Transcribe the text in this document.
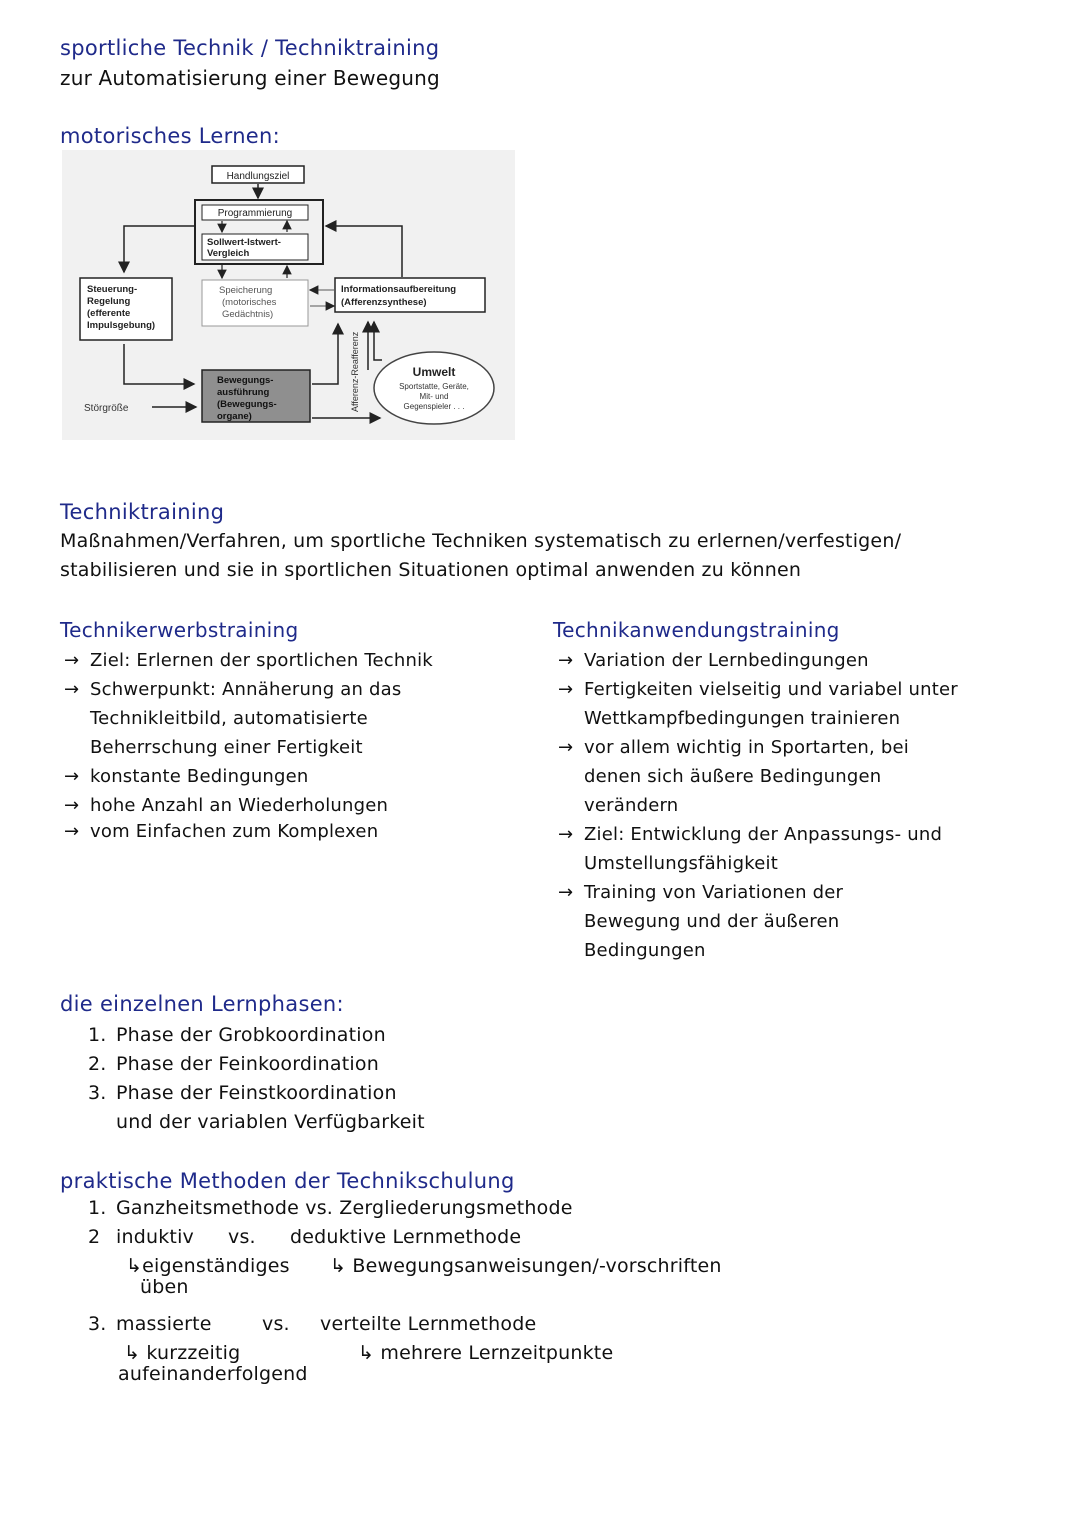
sportliche Technik / Techniktraining
zur Automatisierung einer Bewegung
motorisches Lernen:
Handlungsziel
Programmierung
Sollwert-Istwert-
Vergleich
Speicherung
(motorisches
Gedächtnis)
Informationsaufbereitung
(Afferenzsynthese)
Steuerung-
Regelung
(efferente
Impulsgebung)
Bewegungs-
ausführung
(Bewegungs-
organe)
Störgröße	Afferenz-Reafferenz	Umwelt
Sportstatte, Geräte,
Mit- und
Gegenspieler . . .
Techniktraining
Maßnahmen/Verfahren, um sportliche Techniken systematisch zu erlernen/verfestigen/
stabilisieren und sie in sportlichen Situationen optimal anwenden zu können
Technikerwerbstraining
→ Ziel: Erlernen der sportlichen Technik
→ Schwerpunkt: Annäherung an das
Technikleitbild, automatisierte
Beherrschung einer Fertigkeit
→ konstante Bedingungen
→ hohe Anzahl an Wiederholungen
→ vom Einfachen zum Komplexen
Technikanwendungstraining
→ Variation der Lernbedingungen
→ Fertigkeiten vielseitig und variabel unter
Wettkampfbedingungen trainieren
→ vor allem wichtig in Sportarten, bei
denen sich äußere Bedingungen
verändern
→ Ziel: Entwicklung der Anpassungs- und
Umstellungsfähigkeit
→ Training von Variationen der
Bewegung und der äußeren
Bedingungen
die einzelnen Lernphasen:
1. Phase der Grobkoordination
2. Phase der Feinkoordination
3. Phase der Feinstkoordination
und der variablen Verfügbarkeit
praktische Methoden der Technikschulung
1. Ganzheitsmethode vs. Zergliederungsmethode
2 induktiv vs. deduktive Lernmethode
↳eigenständiges
üben
↳ Bewegungsanweisungen/-vorschriften
3. massierte	vs. verteilte Lernmethode
↳ kurzzeitig
aufeinanderfolgend
↳ mehrere Lernzeitpunkte
